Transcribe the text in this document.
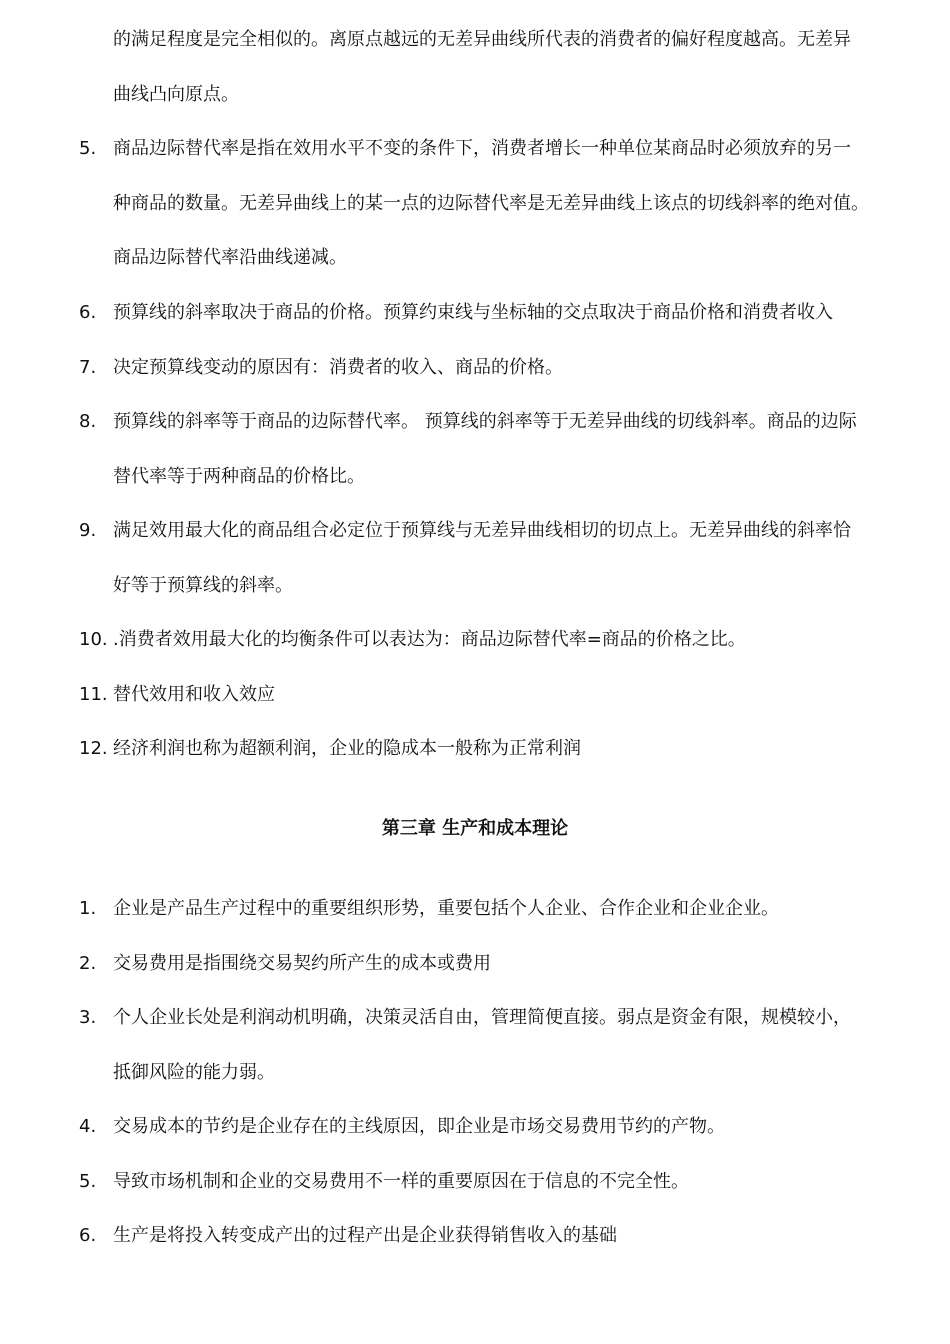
的满足程度是完全相似的。离原点越远的无差异曲线所代表的消费者的偏好程度越高。无差异
曲线凸向原点。
5. 商品边际替代率是指在效用水平不变的条件下，消费者增长一种单位某商品时必须放弃的另一
种商品的数量。无差异曲线上的某一点的边际替代率是无差异曲线上该点的切线斜率的绝对值。
商品边际替代率沿曲线递减。
6. 预算线的斜率取决于商品的价格。预算约束线与坐标轴的交点取决于商品价格和消费者收入
7. 决定预算线变动的原因有：消费者的收入、商品的价格。
8. 预算线的斜率等于商品的边际替代率。 预算线的斜率等于无差异曲线的切线斜率。商品的边际
替代率等于两种商品的价格比。
9. 满足效用最大化的商品组合必定位于预算线与无差异曲线相切的切点上。无差异曲线的斜率恰
好等于预算线的斜率。
10. .消费者效用最大化的均衡条件可以表达为：商品边际替代率=商品的价格之比。
11. 替代效用和收入效应
12. 经济利润也称为超额利润，企业的隐成本一般称为正常利润
第三章 生产和成本理论
1. 企业是产品生产过程中的重要组织形势，重要包括个人企业、合作企业和企业企业。
2. 交易费用是指围绕交易契约所产生的成本或费用
3. 个人企业长处是利润动机明确，决策灵活自由，管理简便直接。弱点是资金有限，规模较小，
抵御风险的能力弱。
4. 交易成本的节约是企业存在的主线原因，即企业是市场交易费用节约的产物。
5. 导致市场机制和企业的交易费用不一样的重要原因在于信息的不完全性。
6. 生产是将投入转变成产出的过程产出是企业获得销售收入的基础
